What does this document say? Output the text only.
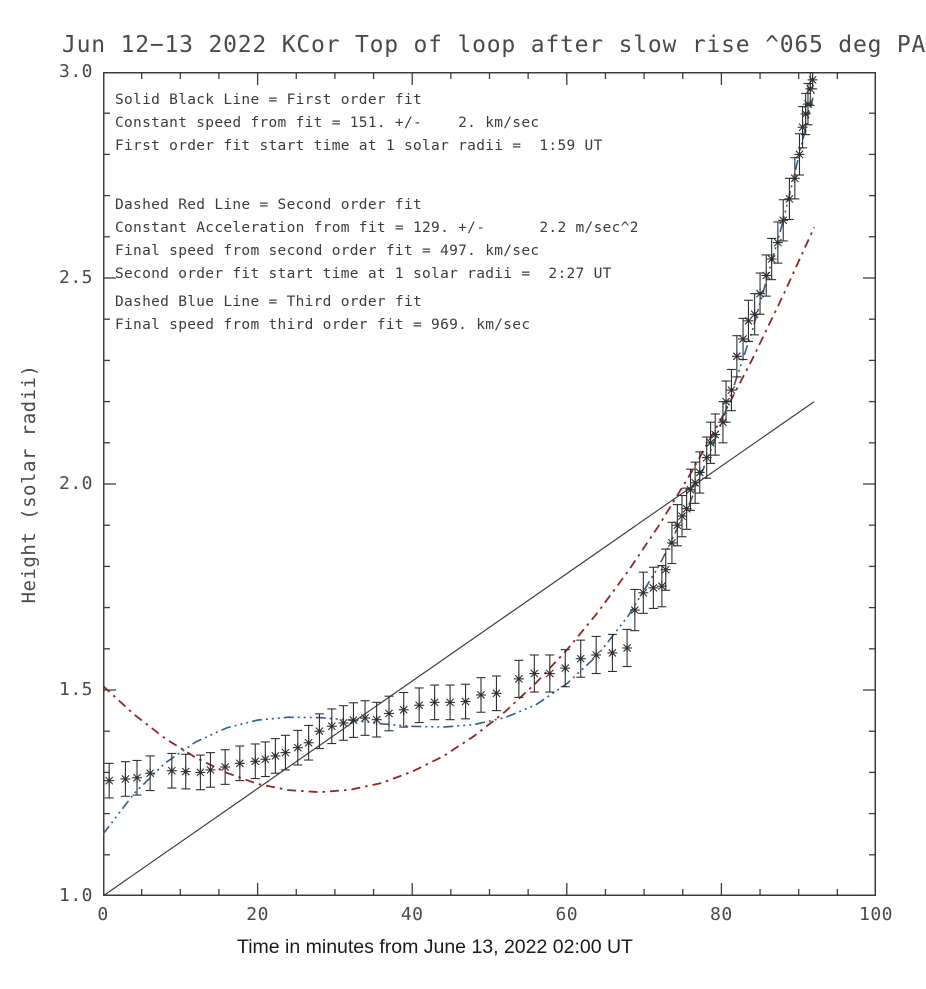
Jun 12−13 2022 KCor Top of loop after slow rise ^065 deg PA
Solid Black Line = First order fit
Constant speed from fit = 151. +/-    2. km/sec
First order fit start time at 1 solar radii =  1:59 UT
Dashed Red Line = Second order fit
Constant Acceleration from fit = 129. +/-      2.2 m/sec^2
Final speed from second order fit = 497. km/sec
Second order fit start time at 1 solar radii =  2:27 UT
Dashed Blue Line = Third order fit
Final speed from third order fit = 969. km/sec
Height (solar radii)
Time in minutes from June 13, 2022 02:00 UT
0	20	40	60	80	100
1.0
1.5
2.0
2.5
3.0
